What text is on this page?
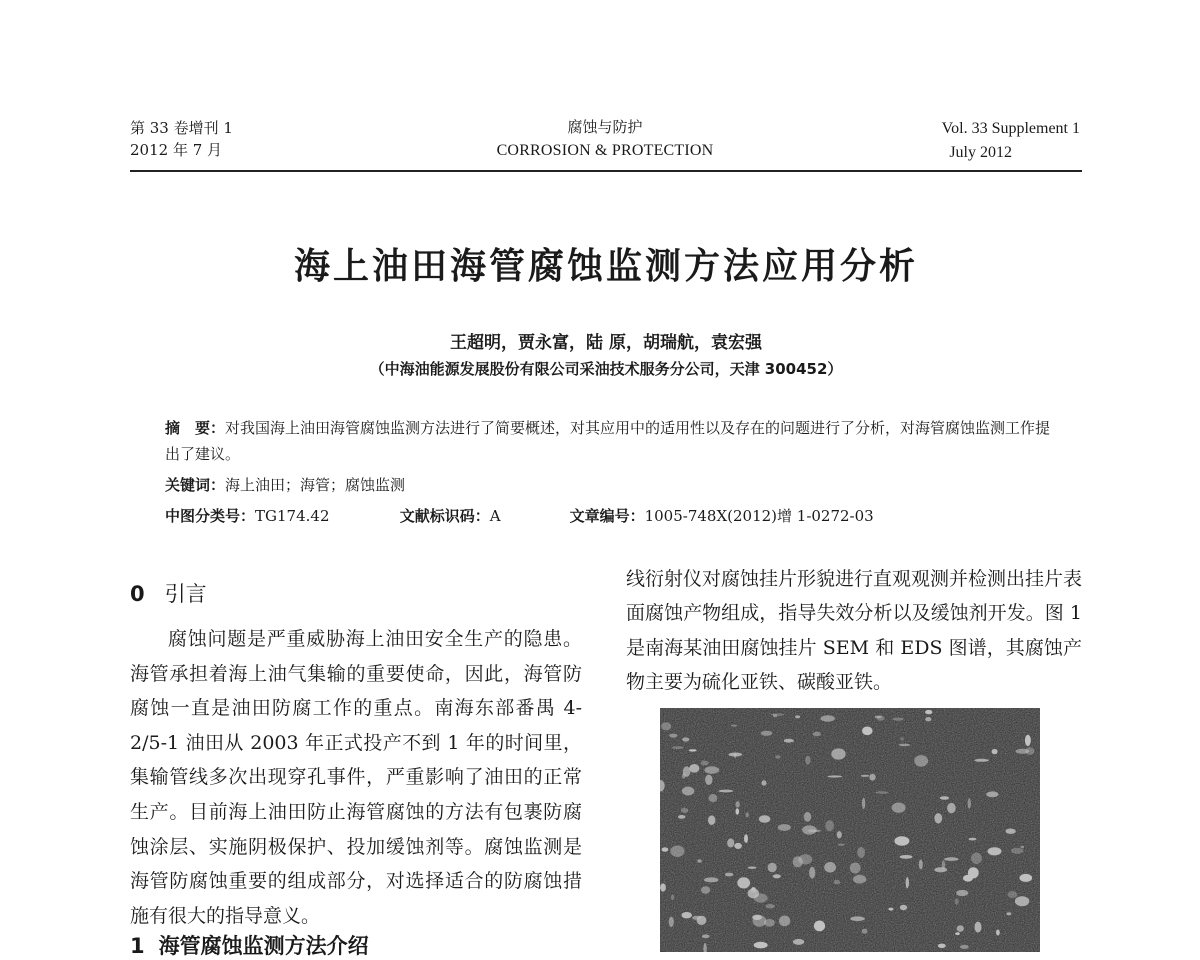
第 33 卷增刊 1
2012 年 7 月
腐蚀与防护
CORROSION & PROTECTION
Vol. 33 Supplement 1
July 2012
海上油田海管腐蚀监测方法应用分析
王超明，贾永富，陆 原，胡瑞航，袁宏强
（中海油能源发展股份有限公司采油技术服务分公司，天津 300452）
摘　要：对我国海上油田海管腐蚀监测方法进行了简要概述，对其应用中的适用性以及存在的问题进行了分析，对海管腐蚀监测工作提出了建议。
关键词：海上油田；海管；腐蚀监测
中图分类号：TG174.42	文献标识码：A	文章编号：1005-748X(2012)增 1-0272-03
0 引言
腐蚀问题是严重威胁海上油田安全生产的隐患。海管承担着海上油气集输的重要使命，因此，海管防腐蚀一直是油田防腐工作的重点。南海东部番禺 4-2/5-1 油田从 2003 年正式投产不到 1 年的时间里，集输管线多次出现穿孔事件，严重影响了油田的正常生产。目前海上油田防止海管腐蚀的方法有包裹防腐蚀涂层、实施阴极保护、投加缓蚀剂等。腐蚀监测是海管防腐蚀重要的组成部分，对选择适合的防腐蚀措施有很大的指导意义。
1 海管腐蚀监测方法介绍
线衍射仪对腐蚀挂片形貌进行直观观测并检测出挂片表面腐蚀产物组成，指导失效分析以及缓蚀剂开发。图 1 是南海某油田腐蚀挂片 SEM 和 EDS 图谱，其腐蚀产物主要为硫化亚铁、碳酸亚铁。
